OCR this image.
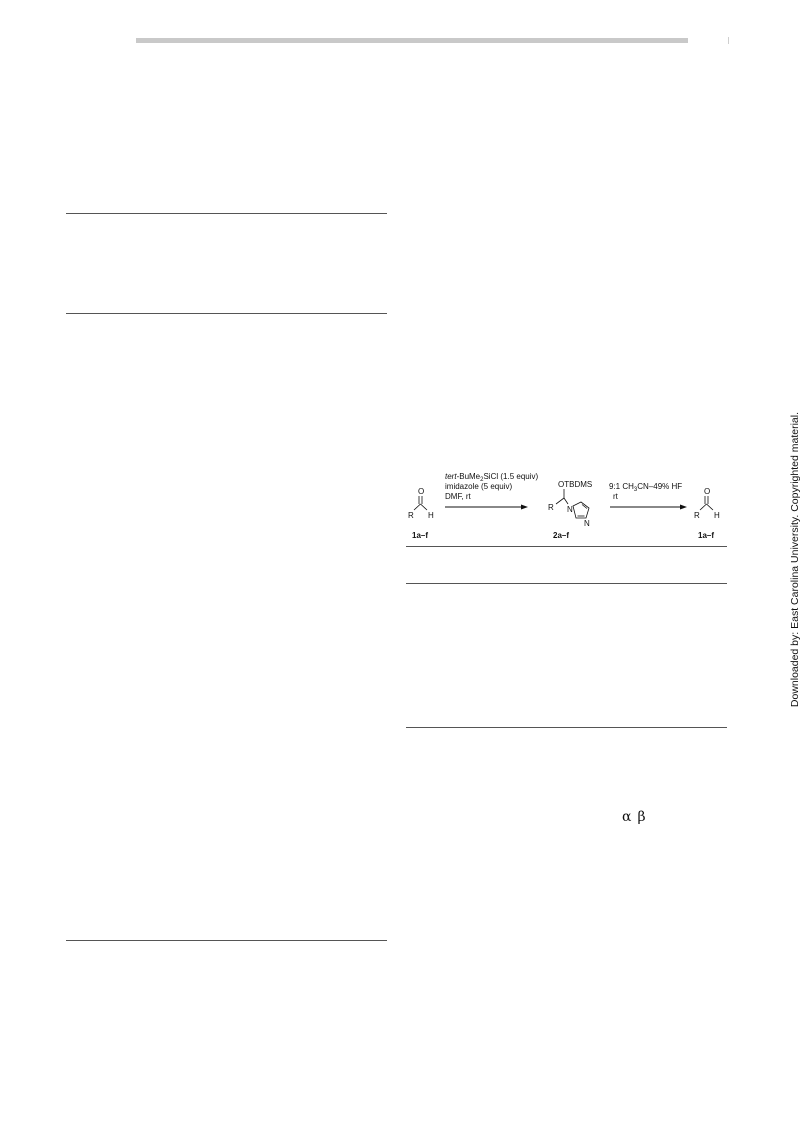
O
R H
1a–f
tert-BuMe$_2$SiCl (1.5 equiv)
imidazole (5 equiv)
DMF, rt
OTBDMS
R N
N
2a–f
9:1 $CH_3CN-49\%$ HF
rt
O
R H
1a–f
α β
Downloaded by: East Carolina University. Copyrighted material.
